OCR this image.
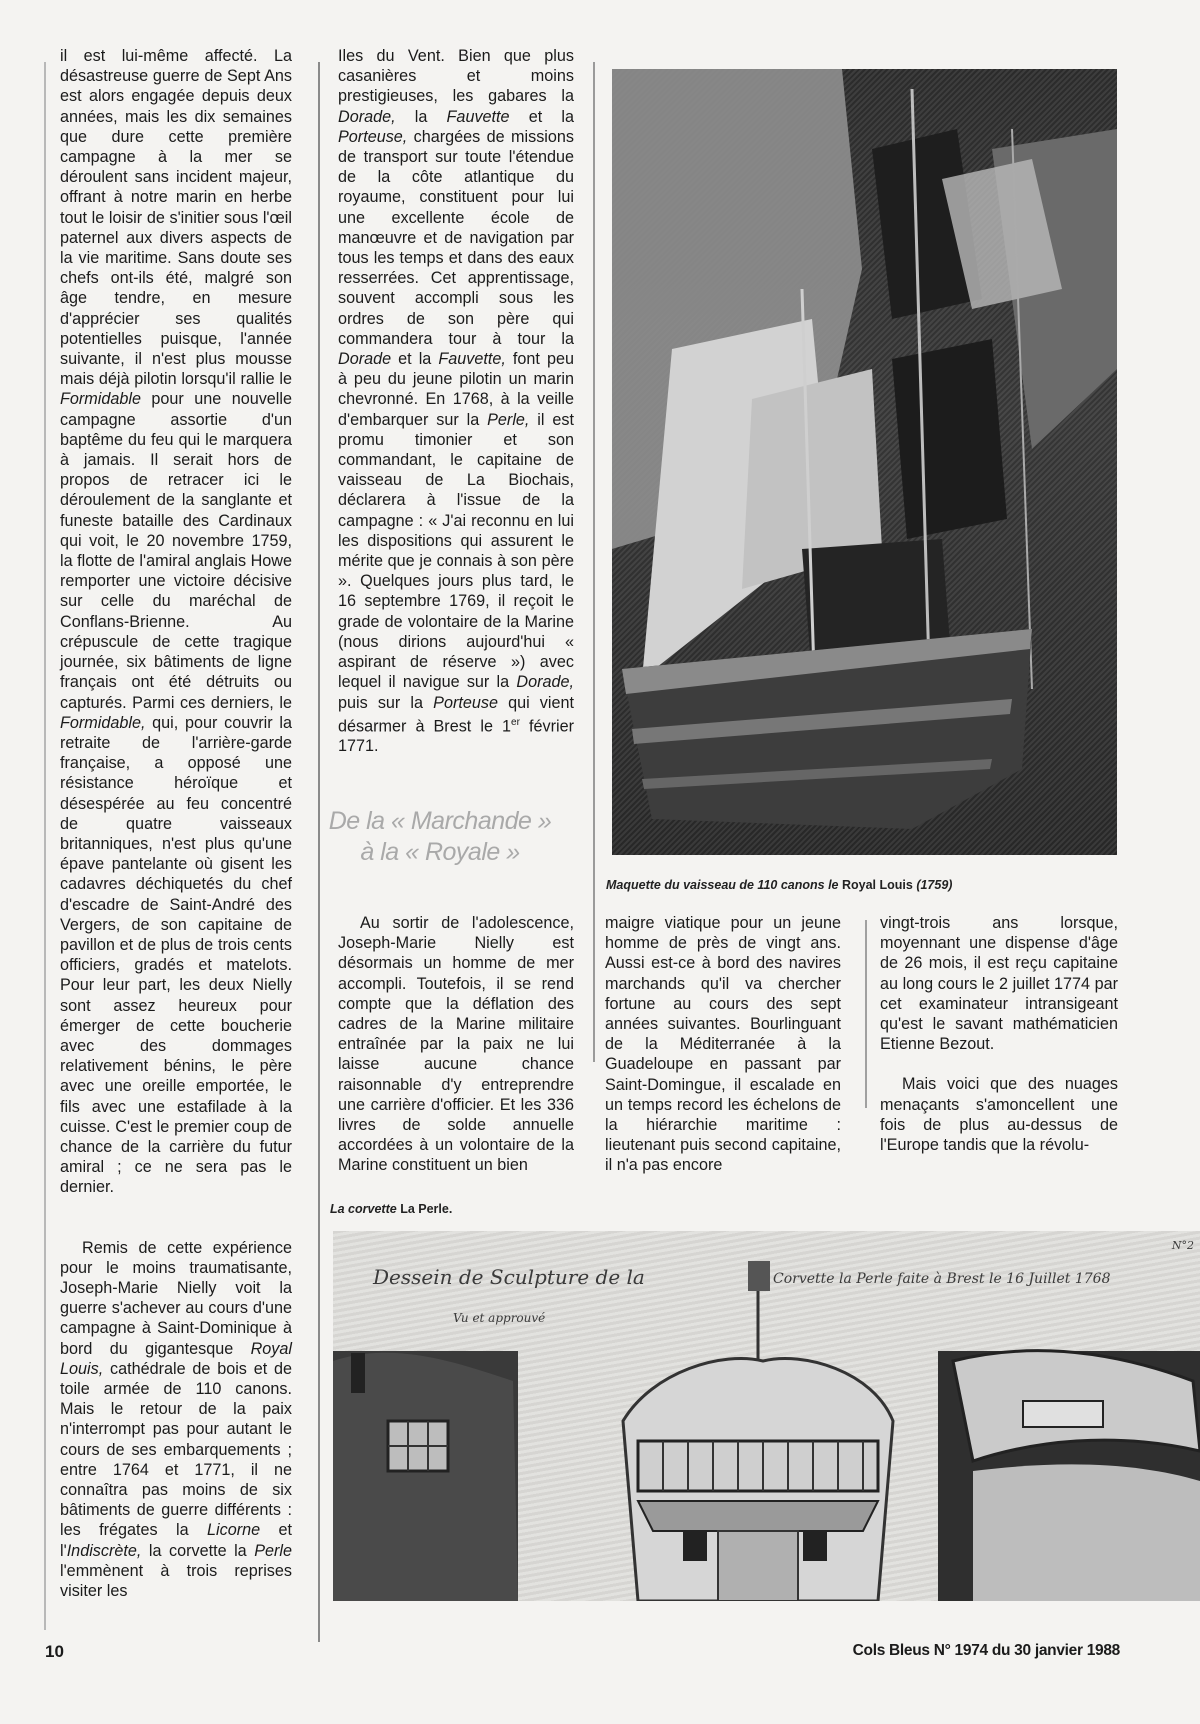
il est lui-même affecté. La désastreuse guerre de Sept Ans est alors engagée depuis deux années, mais les dix semaines que dure cette première campagne à la mer se déroulent sans incident majeur, offrant à notre marin en herbe tout le loisir de s'initier sous l'œil paternel aux divers aspects de la vie maritime. Sans doute ses chefs ont-ils été, malgré son âge tendre, en mesure d'apprécier ses qualités potentielles puisque, l'année suivante, il n'est plus mousse mais déjà pilotin lorsqu'il rallie le Formidable pour une nouvelle campagne assortie d'un baptême du feu qui le marquera à jamais. Il serait hors de propos de retracer ici le déroulement de la sanglante et funeste bataille des Cardinaux qui voit, le 20 novembre 1759, la flotte de l'amiral anglais Howe remporter une victoire décisive sur celle du maréchal de Conflans-Brienne. Au crépuscule de cette tragique journée, six bâtiments de ligne français ont été détruits ou capturés. Parmi ces derniers, le Formidable, qui, pour couvrir la retraite de l'arrière-garde française, a opposé une résistance héroïque et désespérée au feu concentré de quatre vaisseaux britanniques, n'est plus qu'une épave pantelante où gisent les cadavres déchiquetés du chef d'escadre de Saint-André des Vergers, de son capitaine de pavillon et de plus de trois cents officiers, gradés et matelots. Pour leur part, les deux Nielly sont assez heureux pour émerger de cette boucherie avec des dommages relativement bénins, le père avec une oreille emportée, le fils avec une estafilade à la cuisse. C'est le premier coup de chance de la carrière du futur amiral ; ce ne sera pas le dernier.

Remis de cette expérience pour le moins traumatisante, Joseph-Marie Nielly voit la guerre s'achever au cours d'une campagne à Saint-Dominique à bord du gigantesque Royal Louis, cathédrale de bois et de toile armée de 110 canons. Mais le retour de la paix n'interrompt pas pour autant le cours de ses embarquements ; entre 1764 et 1771, il ne connaîtra pas moins de six bâtiments de guerre différents : les frégates la Licorne et l'Indiscrète, la corvette la Perle l'emmènent à trois reprises visiter les

Iles du Vent. Bien que plus casanières et moins prestigieuses, les gabares la Dorade, la Fauvette et la Porteuse, chargées de missions de transport sur toute l'étendue de la côte atlantique du royaume, constituent pour lui une excellente école de manœuvre et de navigation par tous les temps et dans des eaux resserrées. Cet apprentissage, souvent accompli sous les ordres de son père qui commandera tour à tour la Dorade et la Fauvette, font peu à peu du jeune pilotin un marin chevronné. En 1768, à la veille d'embarquer sur la Perle, il est promu timonier et son commandant, le capitaine de vaisseau de La Biochais, déclarera à l'issue de la campagne : « J'ai reconnu en lui les dispositions qui assurent le mérite que je connais à son père ». Quelques jours plus tard, le 16 septembre 1769, il reçoit le grade de volontaire de la Marine (nous dirions aujourd'hui « aspirant de réserve ») avec lequel il navigue sur la Dorade, puis sur la Porteuse qui vient désarmer à Brest le 1er février 1771.

De la « Marchande »
à la « Royale »
Maquette du vaisseau de 110 canons le Royal Louis (1759)

Au sortir de l'adolescence, Joseph-Marie Nielly est désormais un homme de mer accompli. Toutefois, il se rend compte que la déflation des cadres de la Marine militaire entraînée par la paix ne lui laisse aucune chance raisonnable d'y entreprendre une carrière d'officier. Et les 336 livres de solde annuelle accordées à un volontaire de la Marine constituent un bien

maigre viatique pour un jeune homme de près de vingt ans. Aussi est-ce à bord des navires marchands qu'il va chercher fortune au cours des sept années suivantes. Bourlinguant de la Méditerranée à la Guadeloupe en passant par Saint-Domingue, il escalade en un temps record les échelons de la hiérarchie maritime : lieutenant puis second capitaine, il n'a pas encore

vingt-trois ans lorsque, moyennant une dispense d'âge de 26 mois, il est reçu capitaine au long cours le 2 juillet 1774 par cet examinateur intransigeant qu'est le savant mathématicien Etienne Bezout.

Mais voici que des nuages menaçants s'amoncellent une fois de plus au-dessus de l'Europe tandis que la révolu-

La corvette La Perle.
Dessein de Sculpture de la	Corvette la Perle faite à Brest le 16 Juillet 1768
N°2
Vu et approuvé
10	Cols Bleus N° 1974 du 30 janvier 1988
